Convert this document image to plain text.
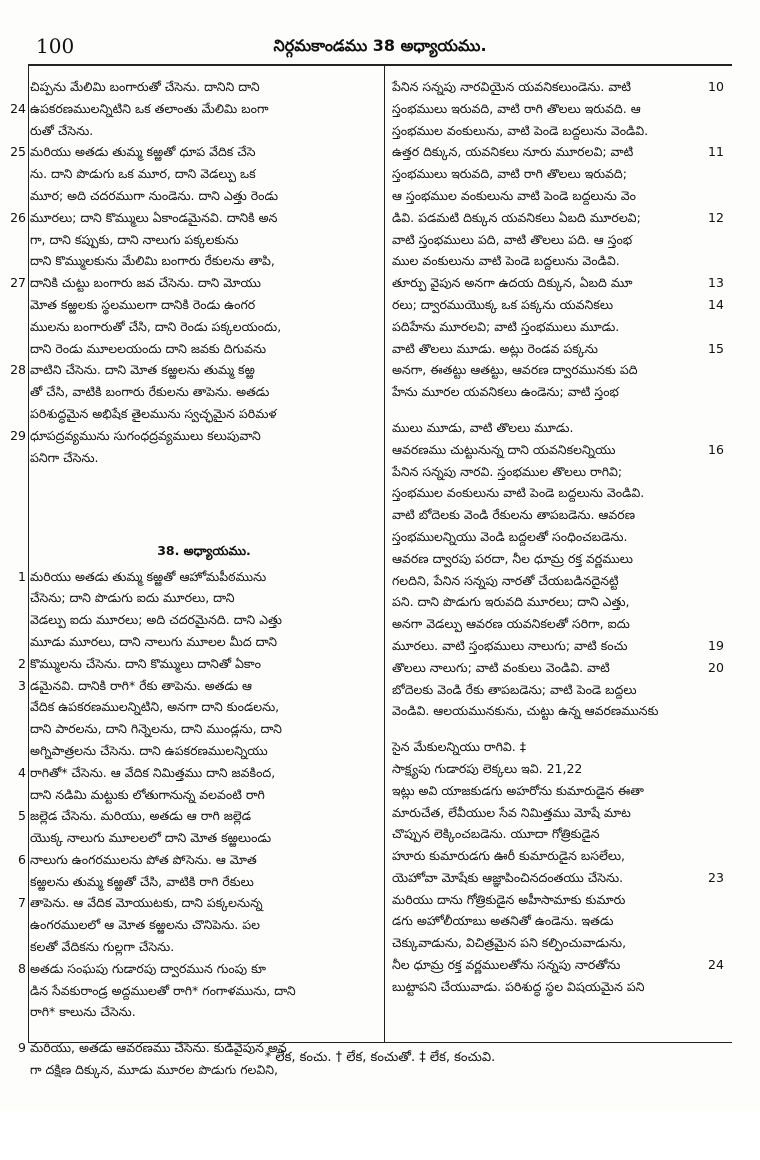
100	నిర్గమకాండము 38 అధ్యాయము.
చిప్పను మేలిమి బంగారుతో చేసెను. దానిని దాని
24 ఉపకరణములన్నిటిని ఒక తలాంతు మేలిమి బంగా
రుతో చేసెను.
25 మరియు అతడు తుమ్మ కఱ్ఱతో ధూప వేదిక చేసె
ను. దాని పొడుగు ఒక మూర, దాని వెడల్పు ఒక
మూర; అది చదరముగా నుండెను. దాని ఎత్తు రెండు
26 మూరలు; దాని కొమ్ములు ఏకాండమైనవి. దానికి అన
గా, దాని కప్పుకు, దాని నాలుగు పక్కలకును
దాని కొమ్ములకును మేలిమి బంగారు రేకులను తాపి,
27 దానికి చుట్టు బంగారు జవ చేసెను. దాని మోయు
మోత కఱ్ఱలకు స్థలములగా దానికి రెండు ఉంగర
ములను బంగారుతో చేసి, దాని రెండు పక్కలయందు,
దాని రెండు మూలలయందు దాని జవకు దిగువను
28 వాటిని చేసెను. దాని మోత కఱ్ఱలను తుమ్మ కఱ్ఱ
తో చేసి, వాటికి బంగారు రేకులను తాపెను. అతడు
పరిశుద్ధమైన అభిషేక తైలమును స్వచ్ఛమైన పరిమళ
29 ధూపద్రవ్యమును సుగంధద్రవ్యములు కలుపువాని
పనిగా చేసెను.
38. అధ్యాయము.
1 మరియు అతడు తుమ్మ కఱ్ఱతో ఆహోమపీఠమును
చేసెను; దాని పొడుగు ఐదు మూరలు, దాని
వెడల్పు ఐదు మూరలు; అది చదరమైనది. దాని ఎత్తు
మూడు మూరలు, దాని నాలుగు మూలల మీద దాని
2 కొమ్ములను చేసెను. దాని కొమ్ములు దానితో ఏకాం
3 డమైనవి. దానికి రాగి* రేకు తాపెను. అతడు ఆ
వేదిక ఉపకరణములన్నిటిని, అనగా దాని కుండలను,
దాని పారలను, దాని గిన్నెలను, దాని ముండ్లను, దాని
అగ్నిపాత్రలను చేసెను. దాని ఉపకరణములన్నియు
4 రాగితో* చేసెను. ఆ వేదిక నిమిత్తము దాని జవకింద,
దాని నడిమి మట్టుకు లోతుగానున్న వలవంటి రాగి
5 జల్లెడ చేసెను. మరియు, అతడు ఆ రాగి జల్లెడ
యొక్క నాలుగు మూలలలో దాని మోత కఱ్ఱలుండు
6 నాలుగు ఉంగరములను పోత పోసెను. ఆ మోత
కఱ్ఱలను తుమ్మ కఱ్ఱతో చేసి, వాటికి రాగి రేకులు
7 తాపెను. ఆ వేదిక మోయుటకు, దాని పక్కలనున్న
ఉంగరములలో ఆ మోత కఱ్ఱలను చొనిపెను. పల
కలతో వేదికను గుల్లగా చేసెను.
8 అతడు సంఘపు గుడారపు ద్వారమున గుంపు కూ
డిన సేవకురాండ్ర అద్దములతో రాగి* గంగాళమును, దాని
రాగి* కాలును చేసెను.
9 మరియు, అతడు ఆవరణము చేసెను. కుడివైపున అన
గా దక్షిణ దిక్కున, మూడు మూరల పొడుగు గలవిని,
పేనిన సన్నపు నారవియైన యవనికలుండెను. వాటి	10
స్తంభములు ఇరువది, వాటి రాగి తొలలు ఇరువది. ఆ
స్తంభముల వంకులును, వాటి పెండె బద్దలును వెండివి.
ఉత్తర దిక్కున, యవనికలు నూరు మూరలవి; వాటి	11
స్తంభములు ఇరువది, వాటి రాగి తొలలు ఇరువది;
ఆ స్తంభముల వంకులును వాటి పెండె బద్దలును వెం
డివి. పడమటి దిక్కున యవనికలు ఏబది మూరలవి;	12
వాటి స్తంభములు పది, వాటి తొలలు పది. ఆ స్తంభ
ముల వంకులును వాటి పెండె బద్దలును వెండివి.
తూర్పు వైపున అనగా ఉదయ దిక్కున, ఏబది మూ	13
రలు; ద్వారముయొక్క ఒక పక్కను యవనికలు	14
పదిహేను మూరలవి; వాటి స్తంభములు మూడు.
వాటి తొలలు మూడు. అట్లు రెండవ పక్కను	15
అనగా, ఈతట్టు ఆతట్టు, ఆవరణ ద్వారమునకు పది
హేను మూరల యవనికలు ఉండెను; వాటి స్తంభ
ములు మూడు, వాటి తొలలు మూడు.
ఆవరణము చుట్టునున్న దాని యవనికలన్నియు	16
పేనిన సన్నపు నారవి. స్తంభముల తొలలు రాగివి;
స్తంభముల వంకులును వాటి పెండె బద్దలును వెండివి.
వాటి బోదెలకు వెండి రేకులను తాపబడెను. ఆవరణ
స్తంభములన్నియు వెండి బద్దలతో సంధించబడెను.
ఆవరణ ద్వారపు పరదా, నీల ధూమ్ర రక్త వర్ణములు
గలదిని, పేనిన సన్నపు నారతో చేయబడినదైనట్టి
పని. దాని పొడుగు ఇరువది మూరలు; దాని ఎత్తు,
అనగా వెడల్పు ఆవరణ యవనికలతో సరిగా, ఐదు
మూరలు. వాటి స్తంభములు నాలుగు; వాటి కంచు	19
తొలలు నాలుగు; వాటి వంకులు వెండివి. వాటి	20
బోదెలకు వెండి రేకు తాపబడెను; వాటి పెండె బద్దలు
వెండివి. ఆలయమునకును, చుట్టు ఉన్న ఆవరణమునకు
సైన మేకులన్నియు రాగివి. ‡
సాక్ష్యపు గుడారపు లెక్కలు ఇవి. 21,22
ఇట్లు అవి యాజకుడగు అహరోను కుమారుడైన ఈతా
మారుచేత, లేవీయుల సేవ నిమిత్తము మోషే మాట
చొప్పున లెక్కించబడెను. యూదా గోత్రికుడైన
హూరు కుమారుడగు ఊరీ కుమారుడైన బసలేలు,
యెహోవా మోషేకు ఆజ్ఞాపించినదంతయు చేసెను.	23
మరియు దాను గోత్రికుడైన అహీసామాకు కుమారు
డగు అహోలీయాబు అతనితో ఉండెను. ఇతడు
చెక్కువాడును, విచిత్రమైన పని కల్పించువాడును,
నీల ధూమ్ర రక్త వర్ణములతోను సన్నపు నారతోను	24
బుట్టాపని చేయువాడు. పరిశుద్ధ స్థల విషయమైన పని
* లేక, కంచు. † లేక, కంచుతో. ‡ లేక, కంచువి.
